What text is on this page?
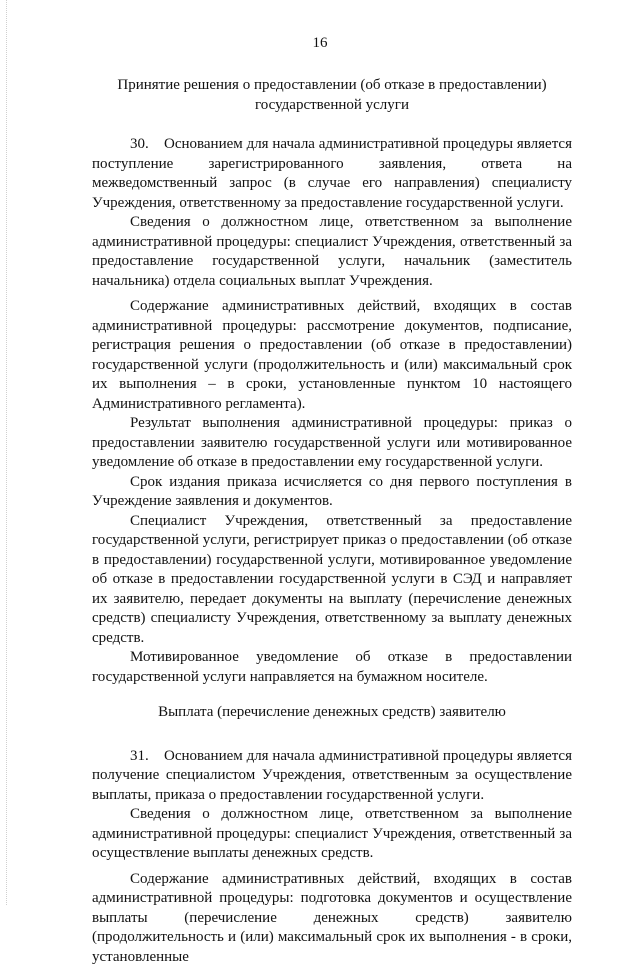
16
Принятие решения о предоставлении (об отказе в предоставлении)
государственной услуги

30.    Основанием для начала административной процедуры является поступление зарегистрированного заявления, ответа на межведомственный запрос (в случае его направления) специалисту Учреждения, ответственному за предоставление государственной услуги.

Сведения о должностном лице, ответственном за выполнение административной процедуры: специалист Учреждения, ответственный за предоставление государственной услуги, начальник (заместитель начальника) отдела социальных выплат Учреждения.

Содержание административных действий, входящих в состав административной процедуры: рассмотрение документов, подписание, регистрация решения о предоставлении (об отказе в предоставлении) государственной услуги (продолжительность и (или) максимальный срок их выполнения – в сроки, установленные пунктом 10 настоящего Административного регламента).

Результат выполнения административной процедуры: приказ о предоставлении заявителю государственной услуги или мотивированное уведомление об отказе в предоставлении ему государственной услуги.

Срок издания приказа исчисляется со дня первого поступления в Учреждение заявления и документов.

Специалист Учреждения, ответственный за предоставление государственной услуги, регистрирует приказ о предоставлении (об отказе в предоставлении) государственной услуги, мотивированное уведомление об отказе в предоставлении государственной услуги в СЭД и направляет их заявителю, передает документы на выплату (перечисление денежных средств) специалисту Учреждения, ответственному за выплату денежных средств.

Мотивированное уведомление об отказе в предоставлении государственной услуги направляется на бумажном носителе.

Выплата (перечисление денежных средств) заявителю

31.    Основанием для начала административной процедуры является получение специалистом Учреждения, ответственным за осуществление выплаты, приказа о предоставлении государственной услуги.

Сведения о должностном лице, ответственном за выполнение административной процедуры: специалист Учреждения, ответственный за осуществление выплаты денежных средств.

Содержание административных действий, входящих в состав административной процедуры: подготовка документов и осуществление выплаты (перечисление денежных средств) заявителю (продолжительность и (или) максимальный срок их выполнения - в сроки, установленные
